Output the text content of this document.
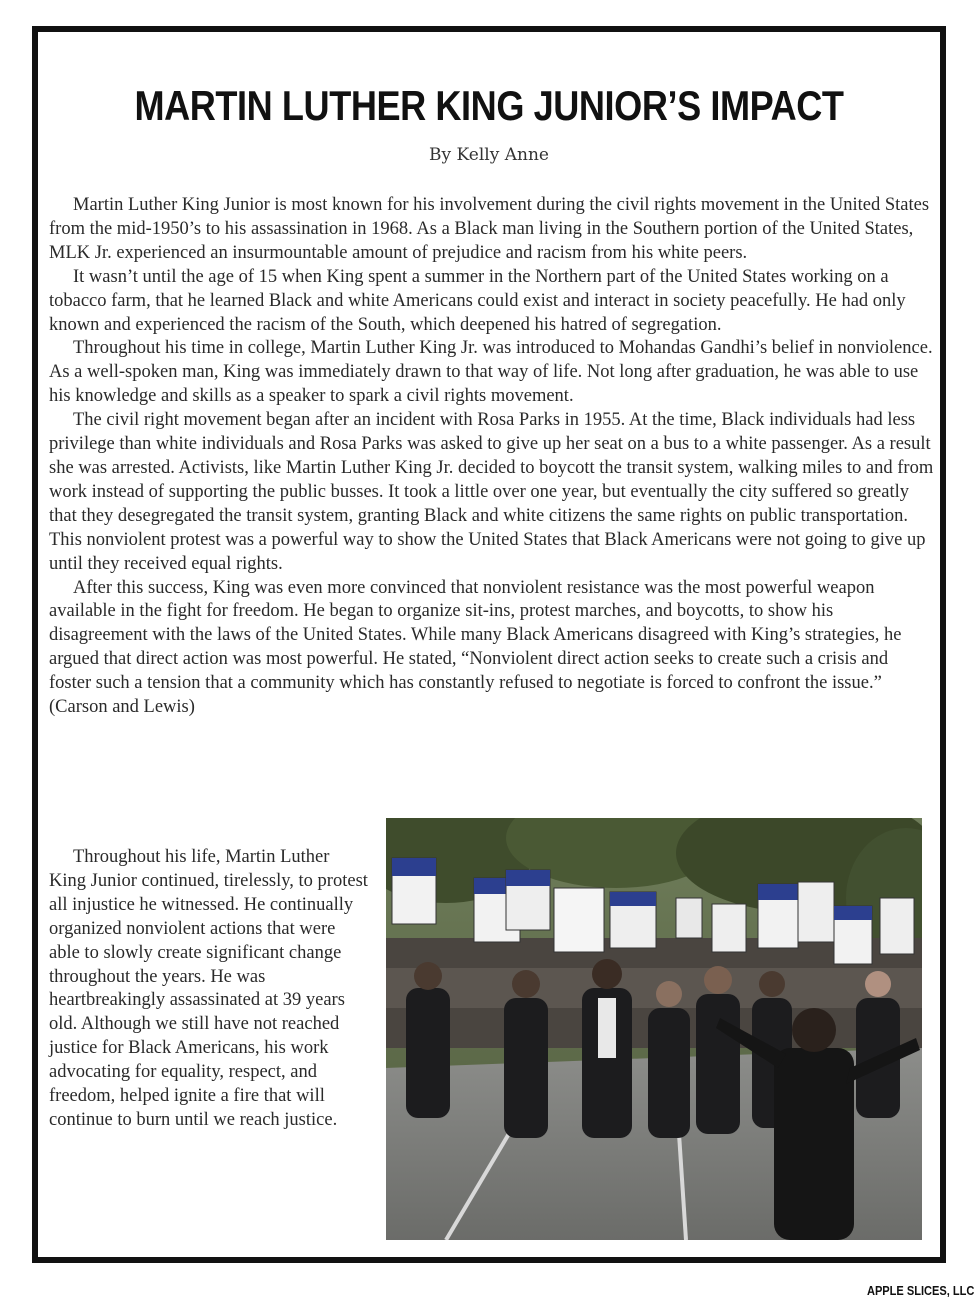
MARTIN LUTHER KING JUNIOR’S IMPACT
By Kelly Anne

Martin Luther King Junior is most known for his involvement during the civil rights movement in the United States from the mid-1950’s to his assassination in 1968. As a Black man living in the Southern portion of the United States, MLK Jr. experienced an insurmountable amount of prejudice and racism from his white peers.

It wasn’t until the age of 15 when King spent a summer in the Northern part of the United States working on a tobacco farm, that he learned Black and white Americans could exist and interact in society peacefully. He had only known and experienced the racism of the South, which deepened his hatred of segregation.

Throughout his time in college, Martin Luther King Jr. was introduced to Mohandas Gandhi’s belief in nonviolence. As a well-spoken man, King was immediately drawn to that way of life. Not long after graduation, he was able to use his knowledge and skills as a speaker to spark a civil rights movement.

The civil right movement began after an incident with Rosa Parks in 1955. At the time, Black individuals had less privilege than white individuals and Rosa Parks was asked to give up her seat on a bus to a white passenger. As a result she was arrested. Activists, like Martin Luther King Jr. decided to boycott the transit system, walking miles to and from work instead of supporting the public busses. It took a little over one year, but eventually the city suffered so greatly that they desegregated the transit system, granting Black and white citizens the same rights on public transportation. This nonviolent protest was a powerful way to show the United States that Black Americans were not going to give up until they received equal rights.

After this success, King was even more convinced that nonviolent resistance was the most powerful weapon available in the fight for freedom. He began to organize sit-ins, protest marches, and boycotts, to show his disagreement with the laws of the United States. While many Black Americans disagreed with King’s strategies, he argued that direct action was most powerful. He stated, “Nonviolent direct action seeks to create such a crisis and foster such a tension that a community which has constantly refused to negotiate is forced to confront the issue.” (Carson and Lewis)

Throughout his life, Martin Luther King Junior continued, tirelessly, to protest all injustice he witnessed. He continually organized nonviolent actions that were able to slowly create significant change throughout the years. He was heartbreakingly assassinated at 39 years old. Although we still have not reached justice for Black Americans, his work advocating for equality, respect, and freedom, helped ignite a fire that will continue to burn until we reach justice.

APPLE SLICES, LLC
